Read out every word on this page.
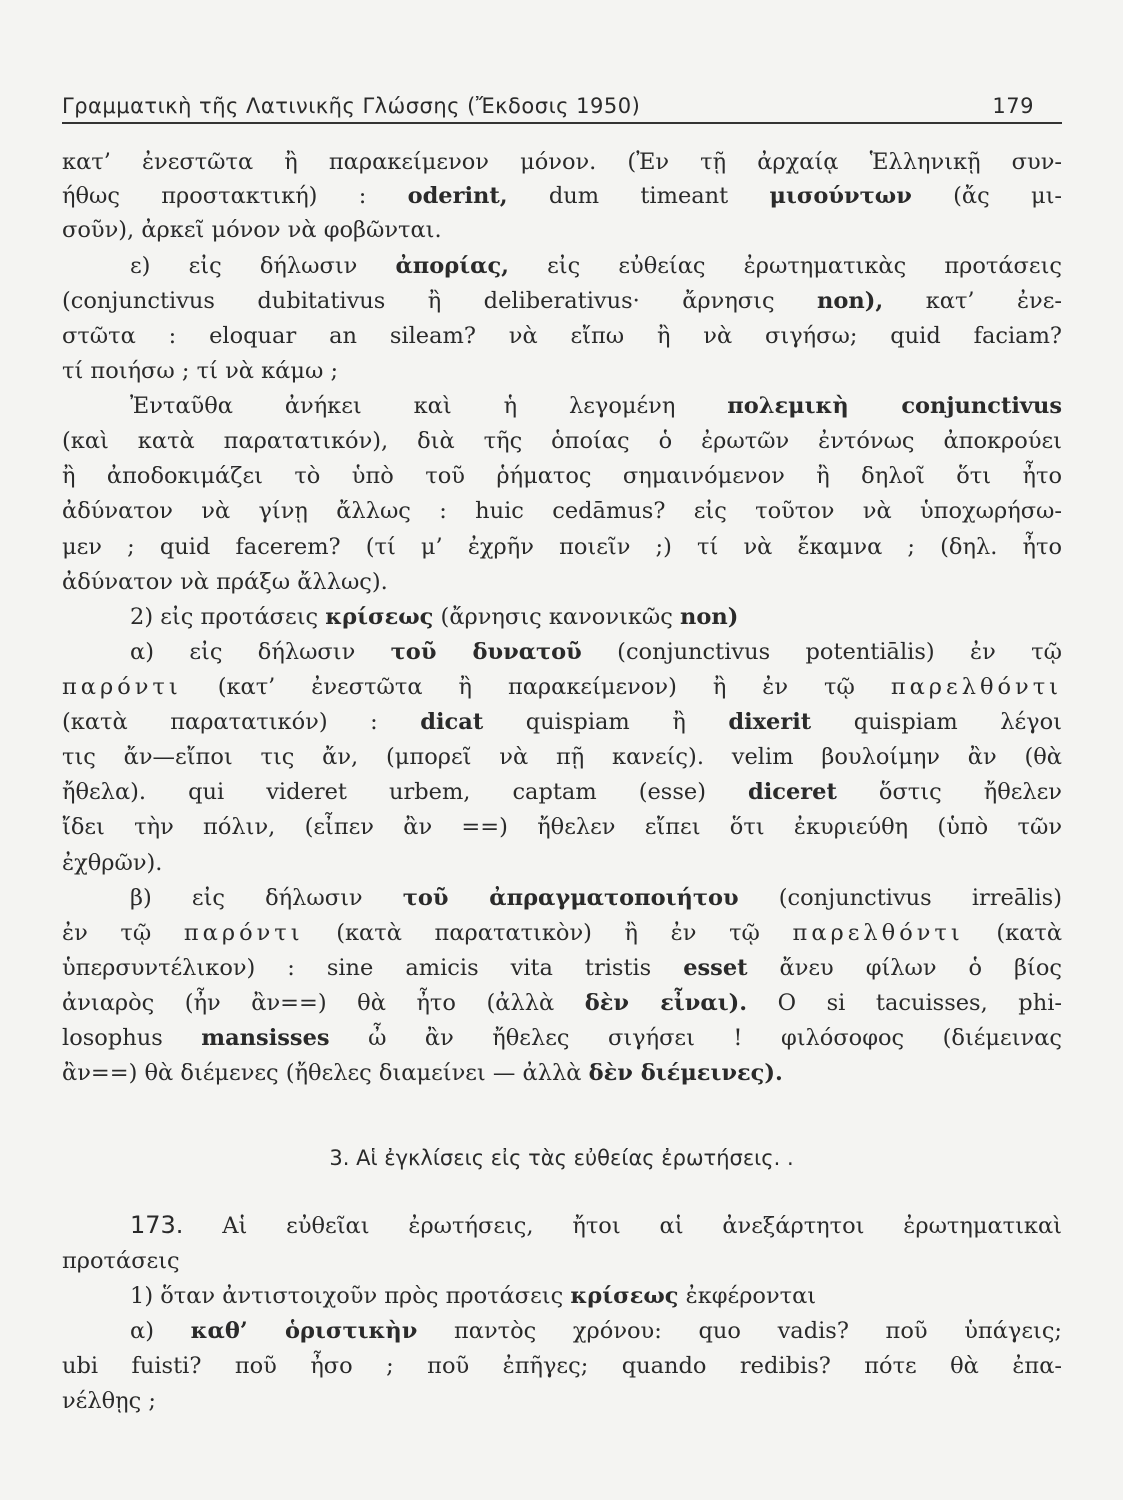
Γραμματικὴ τῆς Λατινικῆς Γλώσσης (Ἔκδοσις 1950)	179
κατ’ ἐνεστῶτα ἢ παρακείμενον μόνον. (Ἐν τῇ ἀρχαίᾳ Ἑλληνικῇ συν-
ήθως προστακτική) : oderint, dum timeant μισούντων (ἄς μι-
σοῦν), ἀρκεῖ μόνον νὰ φοβῶνται.
ε) εἰς δήλωσιν ἀπορίας, εἰς εὐθείας ἐρωτηματικὰς προτάσεις
(conjunctivus dubitativus ἢ deliberativus· ἄρνησις non), κατ’ ἐνε-
στῶτα : eloquar an sileam? νὰ εἴπω ἢ νὰ σιγήσω; quid faciam?
τί ποιήσω ; τί νὰ κάμω ;
Ἐνταῦθα ἀνήκει καὶ ἡ λεγομένη πολεμικὴ conjunctivus
(καὶ κατὰ παρατατικόν), διὰ τῆς ὁποίας ὁ ἐρωτῶν ἐντόνως ἀποκρούει
ἢ ἀποδοκιμάζει τὸ ὑπὸ τοῦ ῥήματος σημαινόμενον ἢ δηλοῖ ὅτι ἦτο
ἀδύνατον νὰ γίνῃ ἄλλως : huic cedāmus? εἰς τοῦτον νὰ ὑποχωρήσω-
μεν ; quid facerem? (τί μ’ ἐχρῆν ποιεῖν ;) τί νὰ ἔκαμνα ; (δηλ. ἦτο
ἀδύνατον νὰ πράξω ἄλλως).
2) εἰς προτάσεις κρίσεως (ἄρνησις κανονικῶς non)
α) εἰς δήλωσιν τοῦ δυνατοῦ (conjunctivus potentiālis) ἐν τῷ
παρόντι (κατ’ ἐνεστῶτα ἢ παρακείμενον) ἢ ἐν τῷ παρελθόντι
(κατὰ παρατατικόν) : dicat quispiam ἢ dixerit quispiam λέγοι
τις ἄν—εἴποι τις ἄν, (μπορεῖ νὰ πῇ κανείς). velim βουλοίμην ἂν (θὰ
ἤθελα). qui videret urbem, captam (esse) diceret ὅστις ἤθελεν
ἴδει τὴν πόλιν, (εἶπεν ἂν ==) ἤθελεν εἴπει ὅτι ἐκυριεύθη (ὑπὸ τῶν
ἐχθρῶν).
β) εἰς δήλωσιν τοῦ ἀπραγματοποιήτου (conjunctivus irreālis)
ἐν τῷ παρόντι (κατὰ παρατατικὸν) ἢ ἐν τῷ παρελθόντι (κατὰ
ὑπερσυντέλικον) : sine amicis vita tristis esset ἄνευ φίλων ὁ βίος
ἀνιαρὸς (ἦν ἂν==) θὰ ἦτο (ἀλλὰ δὲν εἶναι). O si tacuisses, phi-
losophus mansisses ὦ ἂν ἤθελες σιγήσει ! φιλόσοφος (διέμεινας
ἂν==) θὰ διέμενες (ἤθελες διαμείνει — ἀλλὰ δὲν διέμεινες).
3. Αἱ ἐγκλίσεις εἰς τὰς εὐθείας ἐρωτήσεις. .
173. Αἱ εὐθεῖαι ἐρωτήσεις, ἤτοι αἱ ἀνεξάρτητοι ἐρωτηματικαὶ
προτάσεις
1) ὅταν ἀντιστοιχοῦν πρὸς προτάσεις κρίσεως ἐκφέρονται
α) καθ’ ὁριστικὴν παντὸς χρόνου: quo vadis? ποῦ ὑπάγεις;
ubi fuisti? ποῦ ἦσο ; ποῦ ἐπῆγες; quando redibis? πότε θὰ ἐπα-
νέλθῃς ;
